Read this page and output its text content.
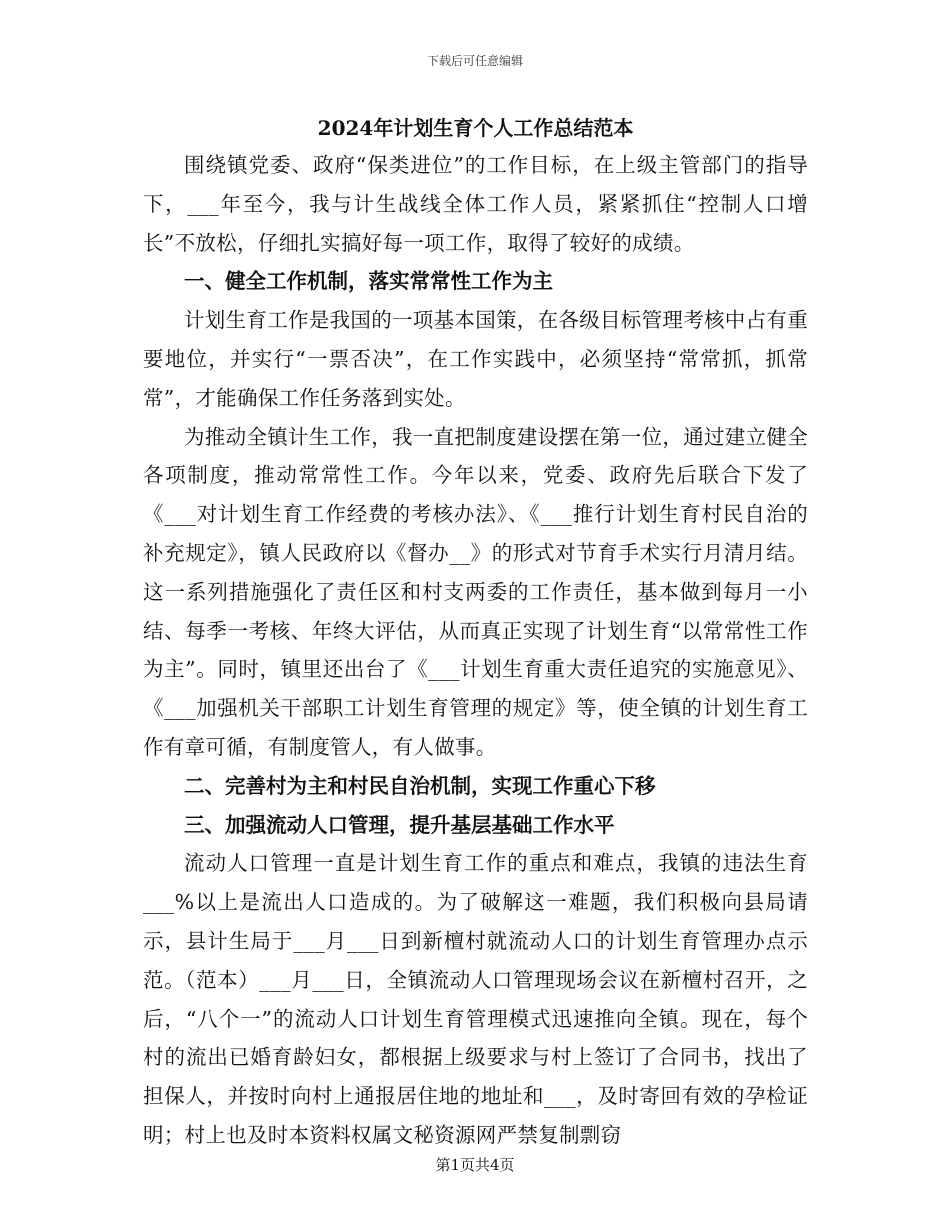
下载后可任意编辑
2024年计划生育个人工作总结范本

围绕镇党委、政府“保类进位”的工作目标，在上级主管部门的指导下，___年至今，我与计生战线全体工作人员，紧紧抓住“控制人口增长”不放松，仔细扎实搞好每一项工作，取得了较好的成绩。

一、健全工作机制，落实常常性工作为主

计划生育工作是我国的一项基本国策，在各级目标管理考核中占有重要地位，并实行“一票否决”，在工作实践中，必须坚持“常常抓，抓常常”，才能确保工作任务落到实处。

为推动全镇计生工作，我一直把制度建设摆在第一位，通过建立健全各项制度，推动常常性工作。今年以来，党委、政府先后联合下发了《___对计划生育工作经费的考核办法》、《___推行计划生育村民自治的补充规定》，镇人民政府以《督办__》的形式对节育手术实行月清月结。这一系列措施强化了责任区和村支两委的工作责任，基本做到每月一小结、每季一考核、年终大评估，从而真正实现了计划生育“以常常性工作为主”。同时，镇里还出台了《___计划生育重大责任追究的实施意见》、《___加强机关干部职工计划生育管理的规定》等，使全镇的计划生育工作有章可循，有制度管人，有人做事。

二、完善村为主和村民自治机制，实现工作重心下移
三、加强流动人口管理，提升基层基础工作水平

流动人口管理一直是计划生育工作的重点和难点，我镇的违法生育___%以上是流出人口造成的。为了破解这一难题，我们积极向县局请示，县计生局于___月___日到新檀村就流动人口的计划生育管理办点示范。（范本）___月___日，全镇流动人口管理现场会议在新檀村召开，之后，“八个一”的流动人口计划生育管理模式迅速推向全镇。现在，每个村的流出已婚育龄妇女，都根据上级要求与村上签订了合同书，找出了担保人，并按时向村上通报居住地的地址和___，及时寄回有效的孕检证明；村上也及时本资料权属文秘资源网严禁复制剽窃

第1页共4页
